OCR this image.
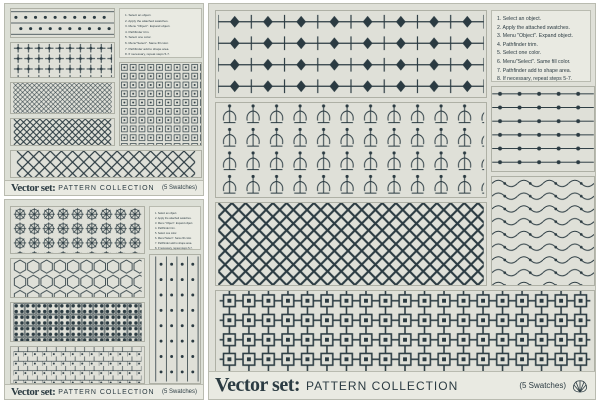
1. Select an object.
2. Apply the attached swatches.
3. Menu "Object". Expand object.
4. Pathfinder trim.
5. Select one color.
6. Menu"Select". Same fill color.
7. Pathfinder add to shape area.
8. If necessary, repeat steps 5-7.
Vector set: PATTERN COLLECTION (5 Swatches)
1. Select an object.
2. Apply the attached swatches.
3. Menu "Object". Expand object.
4. Pathfinder trim.
5. Select one color.
6. Menu"Select". Same fill color.
7. Pathfinder add to shape area.
8. If necessary, repeat steps 5-7.
Vector set: PATTERN COLLECTION (5 Swatches)
1. Select an object.
2. Apply the attached swatches.
3. Menu "Object". Expand object.
4. Pathfinder trim.
5. Select one color.
6. Menu"Select". Same fill color.
7. Pathfinder add to shape area.
8. If necessary, repeat steps 5-7.
Vector set: PATTERN COLLECTION	(5 Swatches)
